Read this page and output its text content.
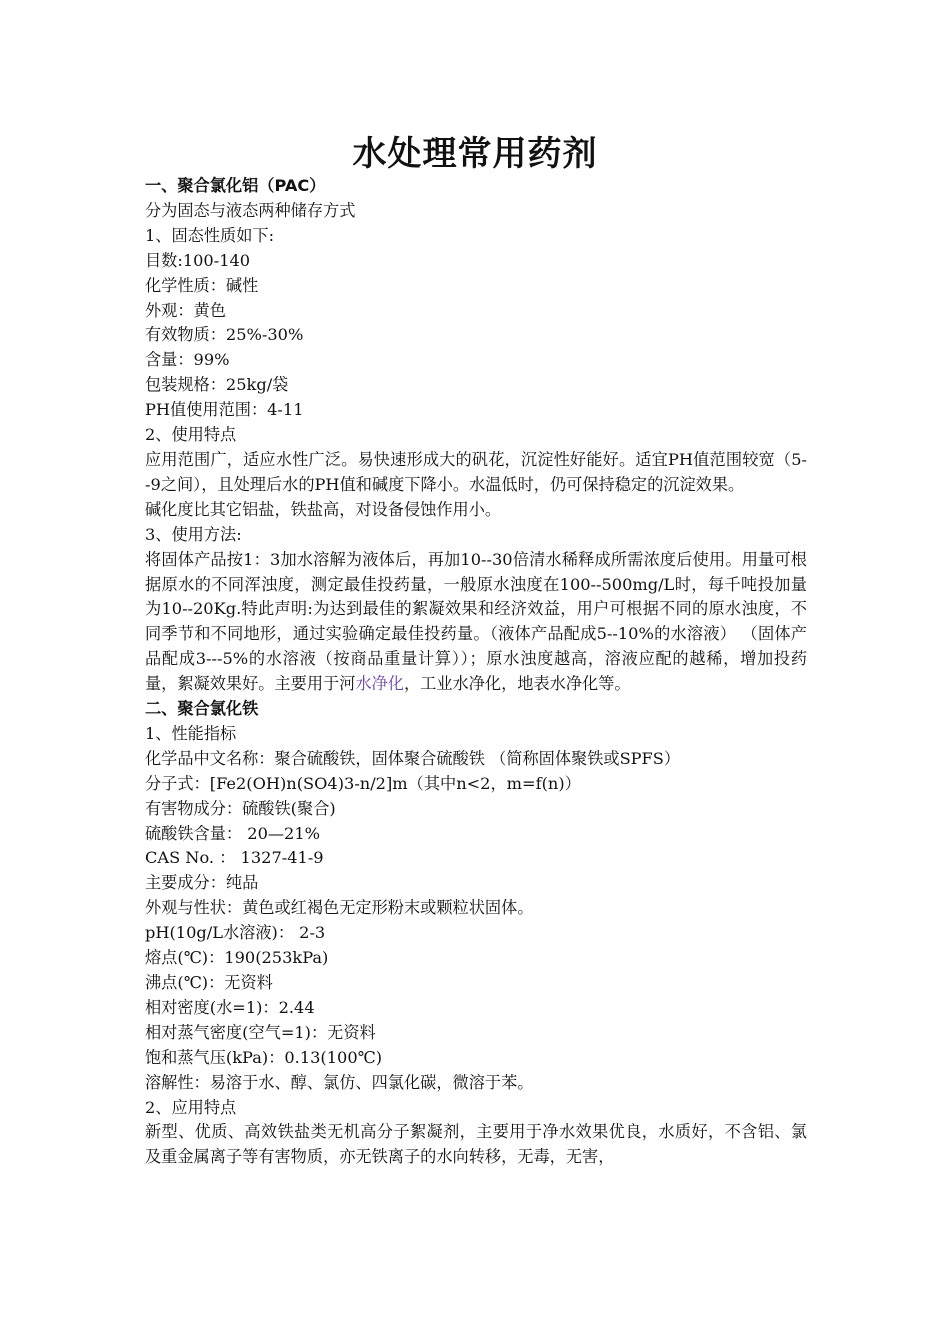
水处理常用药剂

一、聚合氯化铝（PAC）

分为固态与液态两种储存方式

1、固态性质如下:

目数:100-140

化学性质：碱性

外观：黄色

有效物质：25%-30%

含量：99%

包装规格：25kg/袋

PH值使用范围：4-11

2、使用特点

应用范围广，适应水性广泛。易快速形成大的矾花，沉淀性好能好。适宜PH值范围较宽（5--9之间），且处理后水的PH值和碱度下降小。水温低时，仍可保持稳定的沉淀效果。

碱化度比其它铝盐，铁盐高，对设备侵蚀作用小。

3、使用方法:

将固体产品按1：3加水溶解为液体后，再加10--30倍清水稀释成所需浓度后使用。用量可根据原水的不同浑浊度，测定最佳投药量，一般原水浊度在100--500mg/L时，每千吨投加量为10--20Kg.特此声明:为达到最佳的絮凝效果和经济效益，用户可根据不同的原水浊度，不同季节和不同地形，通过实验确定最佳投药量。（液体产品配成5--10%的水溶液） （固体产品配成3---5%的水溶液（按商品重量计算））；原水浊度越高，溶液应配的越稀，增加投药量，絮凝效果好。主要用于河水净化，工业水净化，地表水净化等。

二、聚合氯化铁

1、性能指标

化学品中文名称：聚合硫酸铁，固体聚合硫酸铁 （简称固体聚铁或SPFS）

分子式：[Fe2(OH)n(SO4)3-n/2]m（其中n<2，m=f(n)）

有害物成分：硫酸铁(聚合)

硫酸铁含量： 20—21%

CAS No. ： 1327-41-9

主要成分：纯品

外观与性状：黄色或红褐色无定形粉末或颗粒状固体。

pH(10g/L水溶液)： 2-3

熔点(℃)：190(253kPa)

沸点(℃)：无资料

相对密度(水=1)：2.44

相对蒸气密度(空气=1)：无资料

饱和蒸气压(kPa)：0.13(100℃)

溶解性：易溶于水、醇、氯仿、四氯化碳，微溶于苯。

2、应用特点

新型、优质、高效铁盐类无机高分子絮凝剂，主要用于净水效果优良，水质好，不含铝、氯及重金属离子等有害物质，亦无铁离子的水向转移，无毒，无害，
